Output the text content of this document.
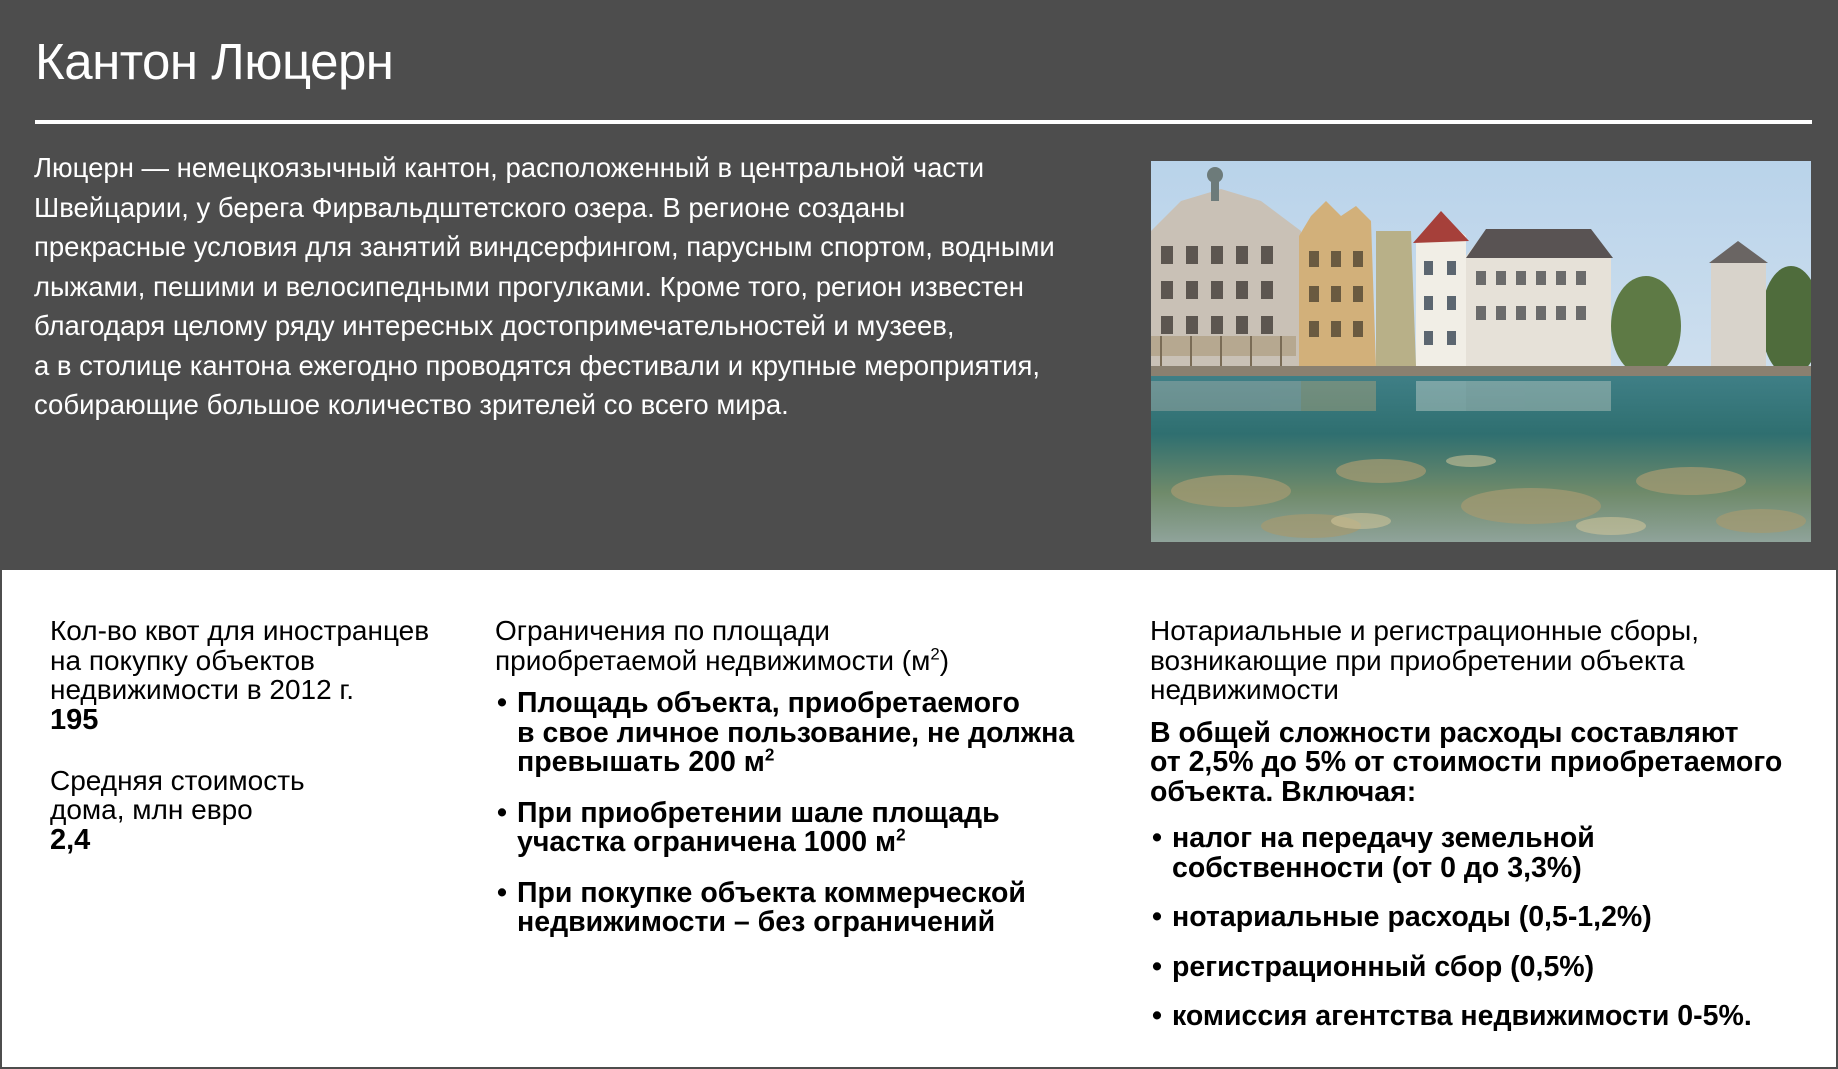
Кантон Люцерн
Люцерн — немецкоязычный кантон, расположенный в центральной части
Швейцарии, у берега Фирвальдштетского озера. В регионе созданы
прекрасные условия для занятий виндсерфингом, парусным спортом, водными
лыжами, пешими и велосипедными прогулками. Кроме того, регион известен
благодаря целому ряду интересных достопримечательностей и музеев,
а в столице кантона ежегодно проводятся фестивали и крупные мероприятия,
собирающие большое количество зрителей со всего мира.
Кол-во квот для иностранцев
на покупку объектов
недвижимости в 2012 г.
195
Средняя стоимость
дома, млн евро
2,4
Ограничения по площади
приобретаемой недвижимости $(м^2)$
• Площадь объекта, приобретаемого
в свое личное пользование, не должна
превышать 200 $м^2$
• При приобретении шале площадь
участка ограничена 1000 $м^2$
• При покупке объекта коммерческой
недвижимости – без ограничений
Нотариальные и регистрационные сборы,
возникающие при приобретении объекта
недвижимости
В общей сложности расходы составляют
от 2,5% до 5% от стоимости приобретаемого
объекта. Включая:
• налог на передачу земельной
собственности (от 0 до 3,3%)
• нотариальные расходы (0,5-1,2%)
• регистрационный сбор (0,5%)
• комиссия агентства недвижимости 0-5%.
